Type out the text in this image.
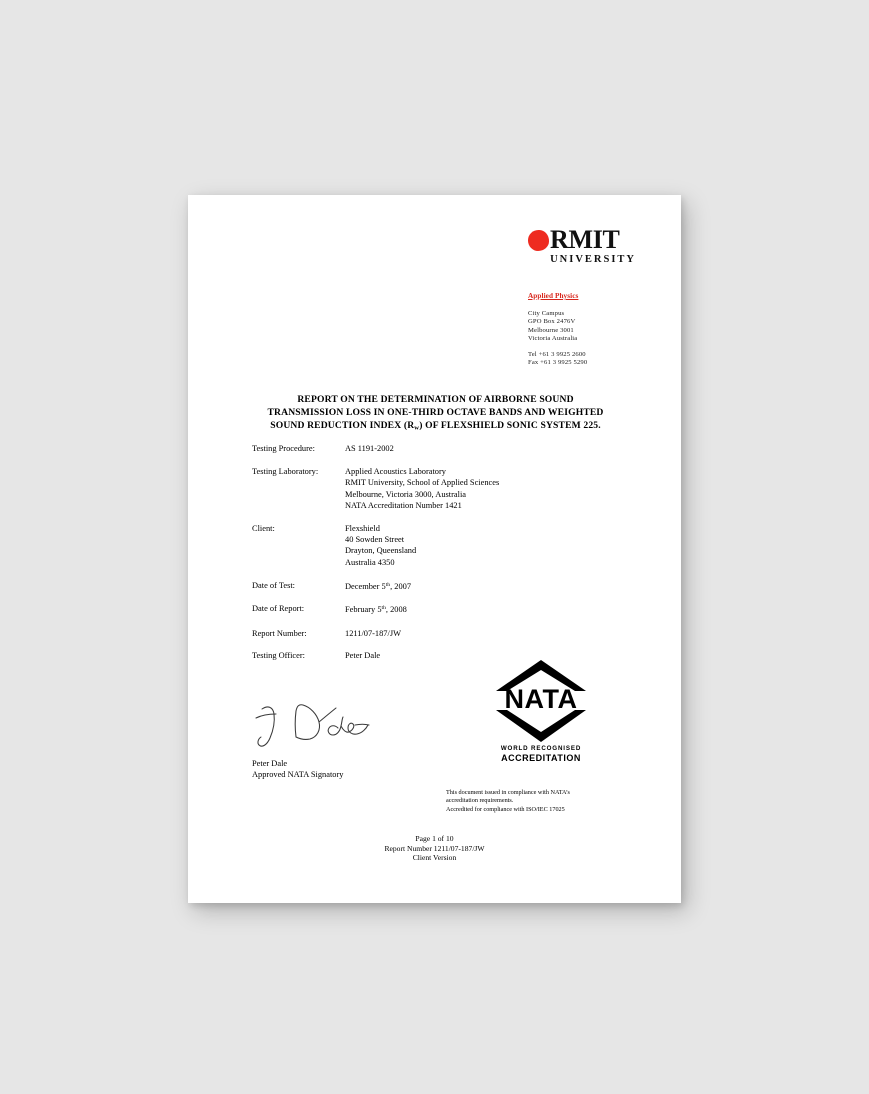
RMIT
UNIVERSITY
Applied Physics
City Campus
GPO Box 2476V
Melbourne 3001
Victoria Australia
Tel +61 3 9925 2600
Fax +61 3 9925 5290
REPORT ON THE DETERMINATION OF AIRBORNE SOUND
TRANSMISSION LOSS IN ONE-THIRD OCTAVE BANDS AND WEIGHTED
SOUND REDUCTION INDEX $(R_w)$ OF FLEXSHIELD SONIC SYSTEM 225.
Testing Procedure:	AS 1191-2002
Testing Laboratory:	Applied Acoustics Laboratory
RMIT University, School of Applied Sciences
Melbourne, Victoria 3000, Australia
NATA Accreditation Number 1421
Client:	Flexshield
40 Sowden Street
Drayton, Queensland
Australia 4350
Date of Test:	December 5th, 2007
Date of Report:	February 5th, 2008
Report Number:	1211/07-187/JW
Testing Officer:	Peter Dale
Peter Dale
Approved NATA Signatory
NATA
WORLD RECOGNISED
ACCREDITATION
This document issued in compliance with NATA’s
accreditation requirements.
Accredited for compliance with ISO/IEC 17025
Page 1 of 10
Report Number 1211/07-187/JW
Client Version
